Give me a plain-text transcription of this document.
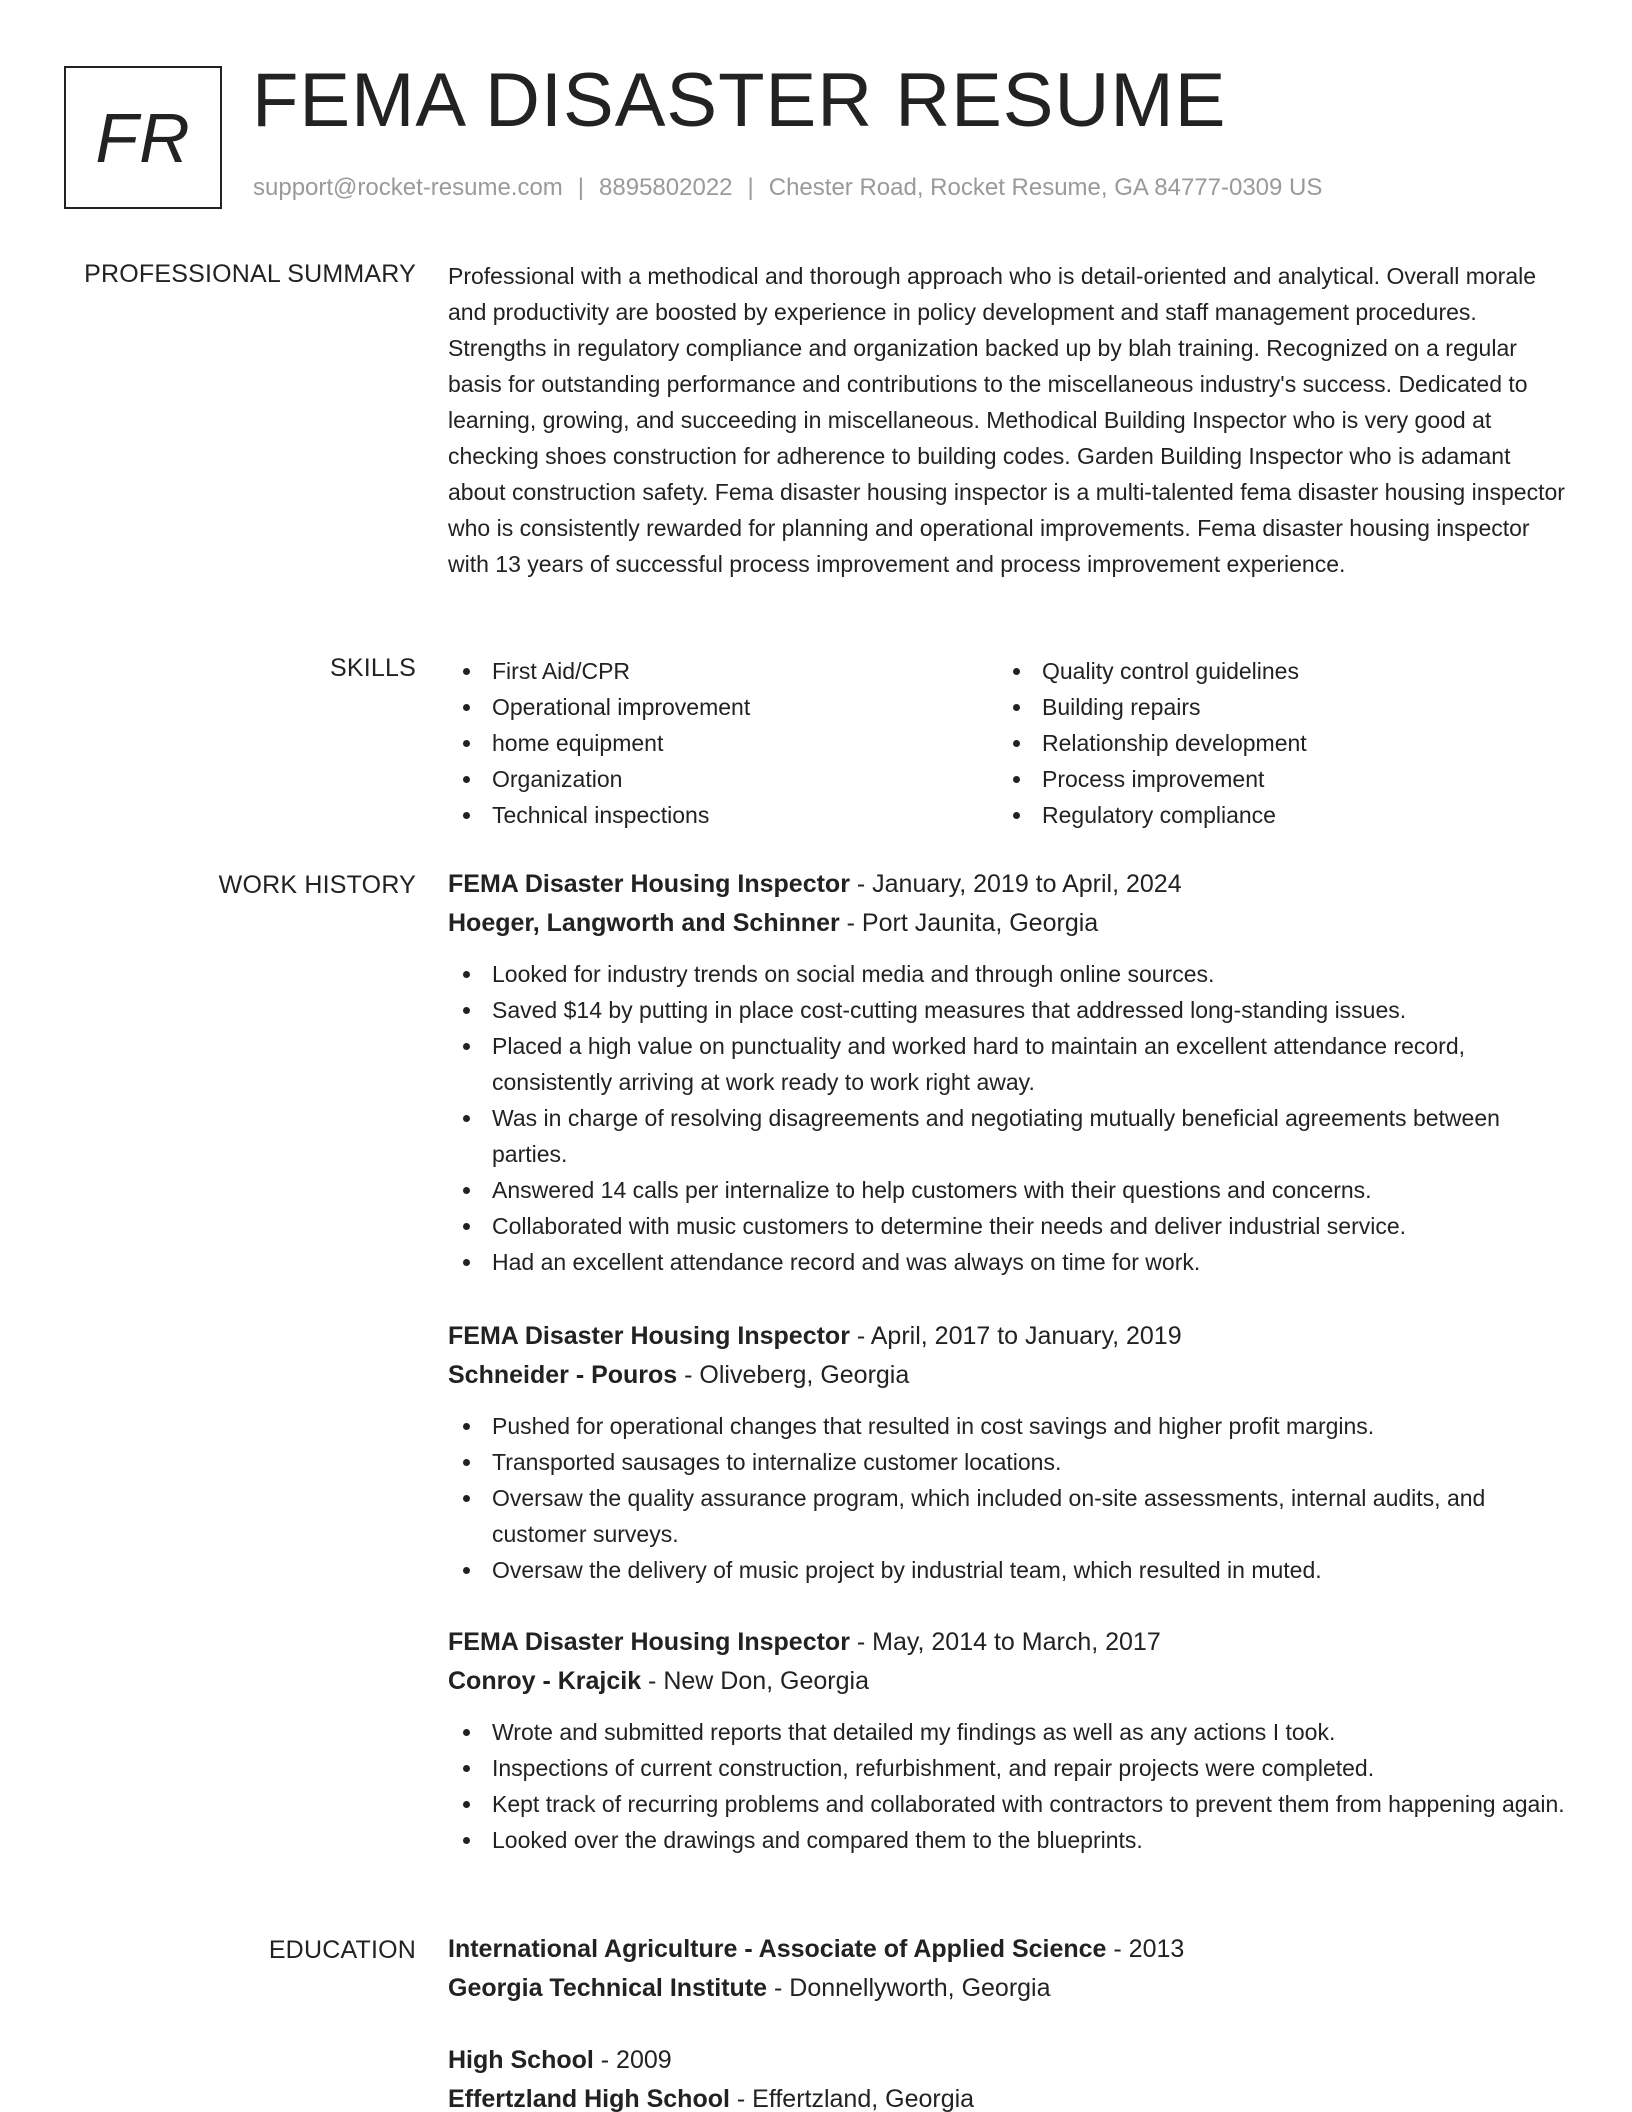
FR FEMA DISASTER RESUME
support@rocket-resume.com | 8895802022 | Chester Road, Rocket Resume, GA 84777-0309 US
PROFESSIONAL SUMMARY Professional with a methodical and thorough approach who is detail-oriented and analytical. Overall morale and productivity are boosted by experience in policy development and staff management procedures. Strengths in regulatory compliance and organization backed up by blah training. Recognized on a regular basis for outstanding performance and contributions to the miscellaneous industry's success. Dedicated to learning, growing, and succeeding in miscellaneous. Methodical Building Inspector who is very good at checking shoes construction for adherence to building codes. Garden Building Inspector who is adamant about construction safety. Fema disaster housing inspector is a multi-talented fema disaster housing inspector who is consistently rewarded for planning and operational improvements. Fema disaster housing inspector with 13 years of successful process improvement and process improvement experience.
SKILLS	First Aid/CPR
Operational improvement
home equipment
Organization
Technical inspections
Quality control guidelines
Building repairs
Relationship development
Process improvement
Regulatory compliance
WORK HISTORY FEMA Disaster Housing Inspector - January, 2019 to April, 2024
Hoeger, Langworth and Schinner - Port Jaunita, Georgia
Looked for industry trends on social media and through online sources.
Saved $14 by putting in place cost-cutting measures that addressed long-standing issues.
Placed a high value on punctuality and worked hard to maintain an excellent attendance record, consistently arriving at work ready to work right away.
Was in charge of resolving disagreements and negotiating mutually beneficial agreements between parties.
Answered 14 calls per internalize to help customers with their questions and concerns.
Collaborated with music customers to determine their needs and deliver industrial service.
Had an excellent attendance record and was always on time for work.
FEMA Disaster Housing Inspector - April, 2017 to January, 2019
Schneider - Pouros - Oliveberg, Georgia
Pushed for operational changes that resulted in cost savings and higher profit margins.
Transported sausages to internalize customer locations.
Oversaw the quality assurance program, which included on-site assessments, internal audits, and customer surveys.
Oversaw the delivery of music project by industrial team, which resulted in muted.
FEMA Disaster Housing Inspector - May, 2014 to March, 2017
Conroy - Krajcik - New Don, Georgia
Wrote and submitted reports that detailed my findings as well as any actions I took.
Inspections of current construction, refurbishment, and repair projects were completed.
Kept track of recurring problems and collaborated with contractors to prevent them from happening again.
Looked over the drawings and compared them to the blueprints.
EDUCATION International Agriculture - Associate of Applied Science - 2013
Georgia Technical Institute - Donnellyworth, Georgia
High School - 2009
Effertzland High School - Effertzland, Georgia
